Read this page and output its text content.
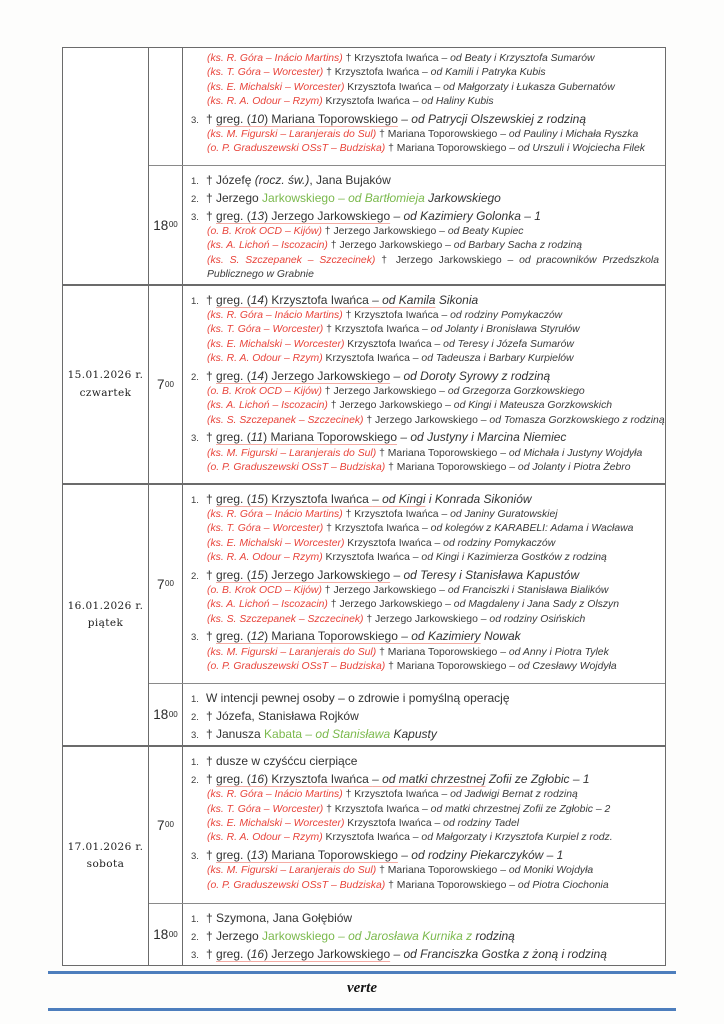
(ks. R. Góra – Inácio Martins) † Krzysztofa Iwańca – od Beaty i Krzysztofa Sumarów
(ks. T. Góra – Worcester) † Krzysztofa Iwańca – od Kamili i Patryka Kubis
(ks. E. Michalski – Worcester) Krzysztofa Iwańca – od Małgorzaty i Łukasza Gubernatów
(ks. R. A. Odour – Rzym) Krzysztofa Iwańca – od Haliny Kubis
3. † greg. (10) Mariana Toporowskiego – od Patrycji Olszewskiej z rodziną
(ks. M. Figurski – Laranjerais do Sul) † Mariana Toporowskiego – od Pauliny i Michała Ryszka
(o. P. Graduszewski OSsT – Budziska) † Mariana Toporowskiego – od Urszuli i Wojciecha Filek
18 00
1. † Józefę (rocz. św.), Jana Bujaków
2. † Jerzego Jarkowskiego – od Bartłomieja Jarkowskiego
3. † greg. (13) Jerzego Jarkowskiego – od Kazimiery Golonka – 1
(o. B. Krok OCD – Kijów) † Jerzego Jarkowskiego – od Beaty Kupiec
(ks. A. Lichoń – Iscozacin) † Jerzego Jarkowskiego – od Barbary Sacha z rodziną
(ks. S. Szczepanek – Szczecinek) † Jerzego Jarkowskiego – od pracowników Przedszkola Publicznego w Grabnie
15.01.2026 r.
czwartek
7 00
1. † greg. (14) Krzysztofa Iwańca – od Kamila Sikonia
(ks. R. Góra – Inácio Martins) † Krzysztofa Iwańca – od rodziny Pomykaczów
(ks. T. Góra – Worcester) † Krzysztofa Iwańca – od Jolanty i Bronisława Styrułów
(ks. E. Michalski – Worcester) Krzysztofa Iwańca – od Teresy i Józefa Sumarów
(ks. R. A. Odour – Rzym) Krzysztofa Iwańca – od Tadeusza i Barbary Kurpielów
2. † greg. (14) Jerzego Jarkowskiego – od Doroty Syrowy z rodziną
(o. B. Krok OCD – Kijów) † Jerzego Jarkowskiego – od Grzegorza Gorzkowskiego
(ks. A. Lichoń – Iscozacin) † Jerzego Jarkowskiego – od Kingi i Mateusza Gorzkowskich
(ks. S. Szczepanek – Szczecinek) † Jerzego Jarkowskiego – od Tomasza Gorzkowskiego z rodziną
3. † greg. (11) Mariana Toporowskiego – od Justyny i Marcina Niemiec
(ks. M. Figurski – Laranjerais do Sul) † Mariana Toporowskiego – od Michała i Justyny Wojdyła
(o. P. Graduszewski OSsT – Budziska) † Mariana Toporowskiego – od Jolanty i Piotra Żebro
16.01.2026 r.
piątek
7 00
1. † greg. (15) Krzysztofa Iwańca – od Kingi i Konrada Sikoniów
(ks. R. Góra – Inácio Martins) † Krzysztofa Iwańca – od Janiny Guratowskiej
(ks. T. Góra – Worcester) † Krzysztofa Iwańca – od kolegów z KARABELI: Adama i Wacława
(ks. E. Michalski – Worcester) Krzysztofa Iwańca – od rodziny Pomykaczów
(ks. R. A. Odour – Rzym) Krzysztofa Iwańca – od Kingi i Kazimierza Gostków z rodziną
2. † greg. (15) Jerzego Jarkowskiego – od Teresy i Stanisława Kapustów
(o. B. Krok OCD – Kijów) † Jerzego Jarkowskiego – od Franciszki i Stanisława Bialików
(ks. A. Lichoń – Iscozacin) † Jerzego Jarkowskiego – od Magdaleny i Jana Sady z Olszyn
(ks. S. Szczepanek – Szczecinek) † Jerzego Jarkowskiego – od rodziny Osińskich
3. † greg. (12) Mariana Toporowskiego – od Kazimiery Nowak
(ks. M. Figurski – Laranjerais do Sul) † Mariana Toporowskiego – od Anny i Piotra Tylek
(o. P. Graduszewski OSsT – Budziska) † Mariana Toporowskiego – od Czesławy Wojdyła
18 00
1. W intencji pewnej osoby – o zdrowie i pomyślną operację
2. † Józefa, Stanisława Rojków
3. † Janusza Kabata – od Stanisława Kapusty
17.01.2026 r.
sobota
7 00
1. † dusze w czyśćcu cierpiące
2. † greg. (16) Krzysztofa Iwańca – od matki chrzestnej Zofii ze Zgłobic – 1
(ks. R. Góra – Inácio Martins) † Krzysztofa Iwańca – od Jadwigi Bernat z rodziną
(ks. T. Góra – Worcester) † Krzysztofa Iwańca – od matki chrzestnej Zofii ze Zgłobic – 2
(ks. E. Michalski – Worcester) Krzysztofa Iwańca – od rodziny Tadel
(ks. R. A. Odour – Rzym) Krzysztofa Iwańca – od Małgorzaty i Krzysztofa Kurpiel z rodz.
3. † greg. (13) Mariana Toporowskiego – od rodziny Piekarczyków – 1
(ks. M. Figurski – Laranjerais do Sul) † Mariana Toporowskiego – od Moniki Wojdyła
(o. P. Graduszewski OSsT – Budziska) † Mariana Toporowskiego – od Piotra Ciochonia
18 00
1. † Szymona, Jana Gołębiów
2. † Jerzego Jarkowskiego – od Jarosława Kurnika z rodziną
3. † greg. (16) Jerzego Jarkowskiego – od Franciszka Gostka z żoną i rodziną
verte
